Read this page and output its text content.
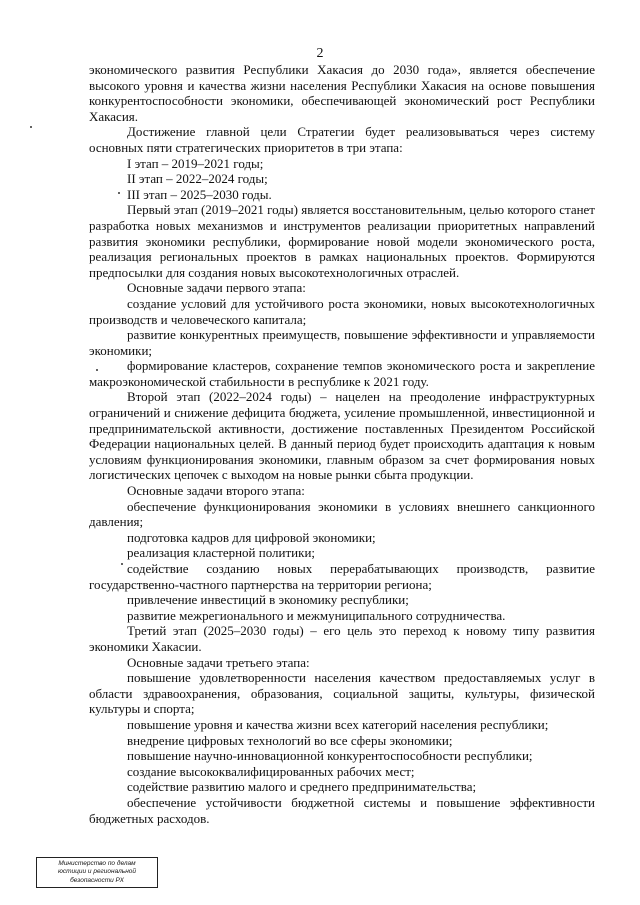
2

экономического развития Республики Хакасия до 2030 года», является обеспечение высокого уровня и качества жизни населения Республики Хакасия на основе повышения конкурентоспособности экономики, обеспечивающей экономический рост Республики Хакасия.

Достижение главной цели Стратегии будет реализовываться через систему основных пяти стратегических приоритетов в три этапа:

I этап – 2019–2021 годы;

II этап – 2022–2024 годы;

III этап – 2025–2030 годы.

Первый этап (2019–2021 годы) является восстановительным, целью которого станет разработка новых механизмов и инструментов реализации приоритетных направлений развития экономики республики, формирование новой модели экономического роста, реализация региональных проектов в рамках национальных проектов. Формируются предпосылки для создания новых высокотехнологичных отраслей.

Основные задачи первого этапа:

создание условий для устойчивого роста экономики, новых высокотехнологичных производств и человеческого капитала;

развитие конкурентных преимуществ, повышение эффективности и управляемости экономики;

формирование кластеров, сохранение темпов экономического роста и закрепление макроэкономической стабильности в республике к 2021 году.

Второй этап (2022–2024 годы) – нацелен на преодоление инфраструктурных ограничений и снижение дефицита бюджета, усиление промышленной, инвестиционной и предпринимательской активности, достижение поставленных Президентом Российской Федерации национальных целей. В данный период будет происходить адаптация к новым условиям функционирования экономики, главным образом за счет формирования новых логистических цепочек с выходом на новые рынки сбыта продукции.

Основные задачи второго этапа:

обеспечение функционирования экономики в условиях внешнего санкционного давления;

подготовка кадров для цифровой экономики;

реализация кластерной политики;

содействие созданию новых перерабатывающих производств, развитие государственно-частного партнерства на территории региона;

привлечение инвестиций в экономику республики;

развитие межрегионального и межмуниципального сотрудничества.

Третий этап (2025–2030 годы) – его цель это переход к новому типу развития экономики Хакасии.

Основные задачи третьего этапа:

повышение удовлетворенности населения качеством предоставляемых услуг в области здравоохранения, образования, социальной защиты, культуры, физической культуры и спорта;

повышение уровня и качества жизни всех категорий населения республики;

внедрение цифровых технологий во все сферы экономики;

повышение научно-инновационной конкурентоспособности республики;

создание высококвалифицированных рабочих мест;

содействие развитию малого и среднего предпринимательства;

обеспечение устойчивости бюджетной системы и повышение эффективности бюджетных расходов.

Министерство по делам
юстиции и региональной
безопасности РХ
